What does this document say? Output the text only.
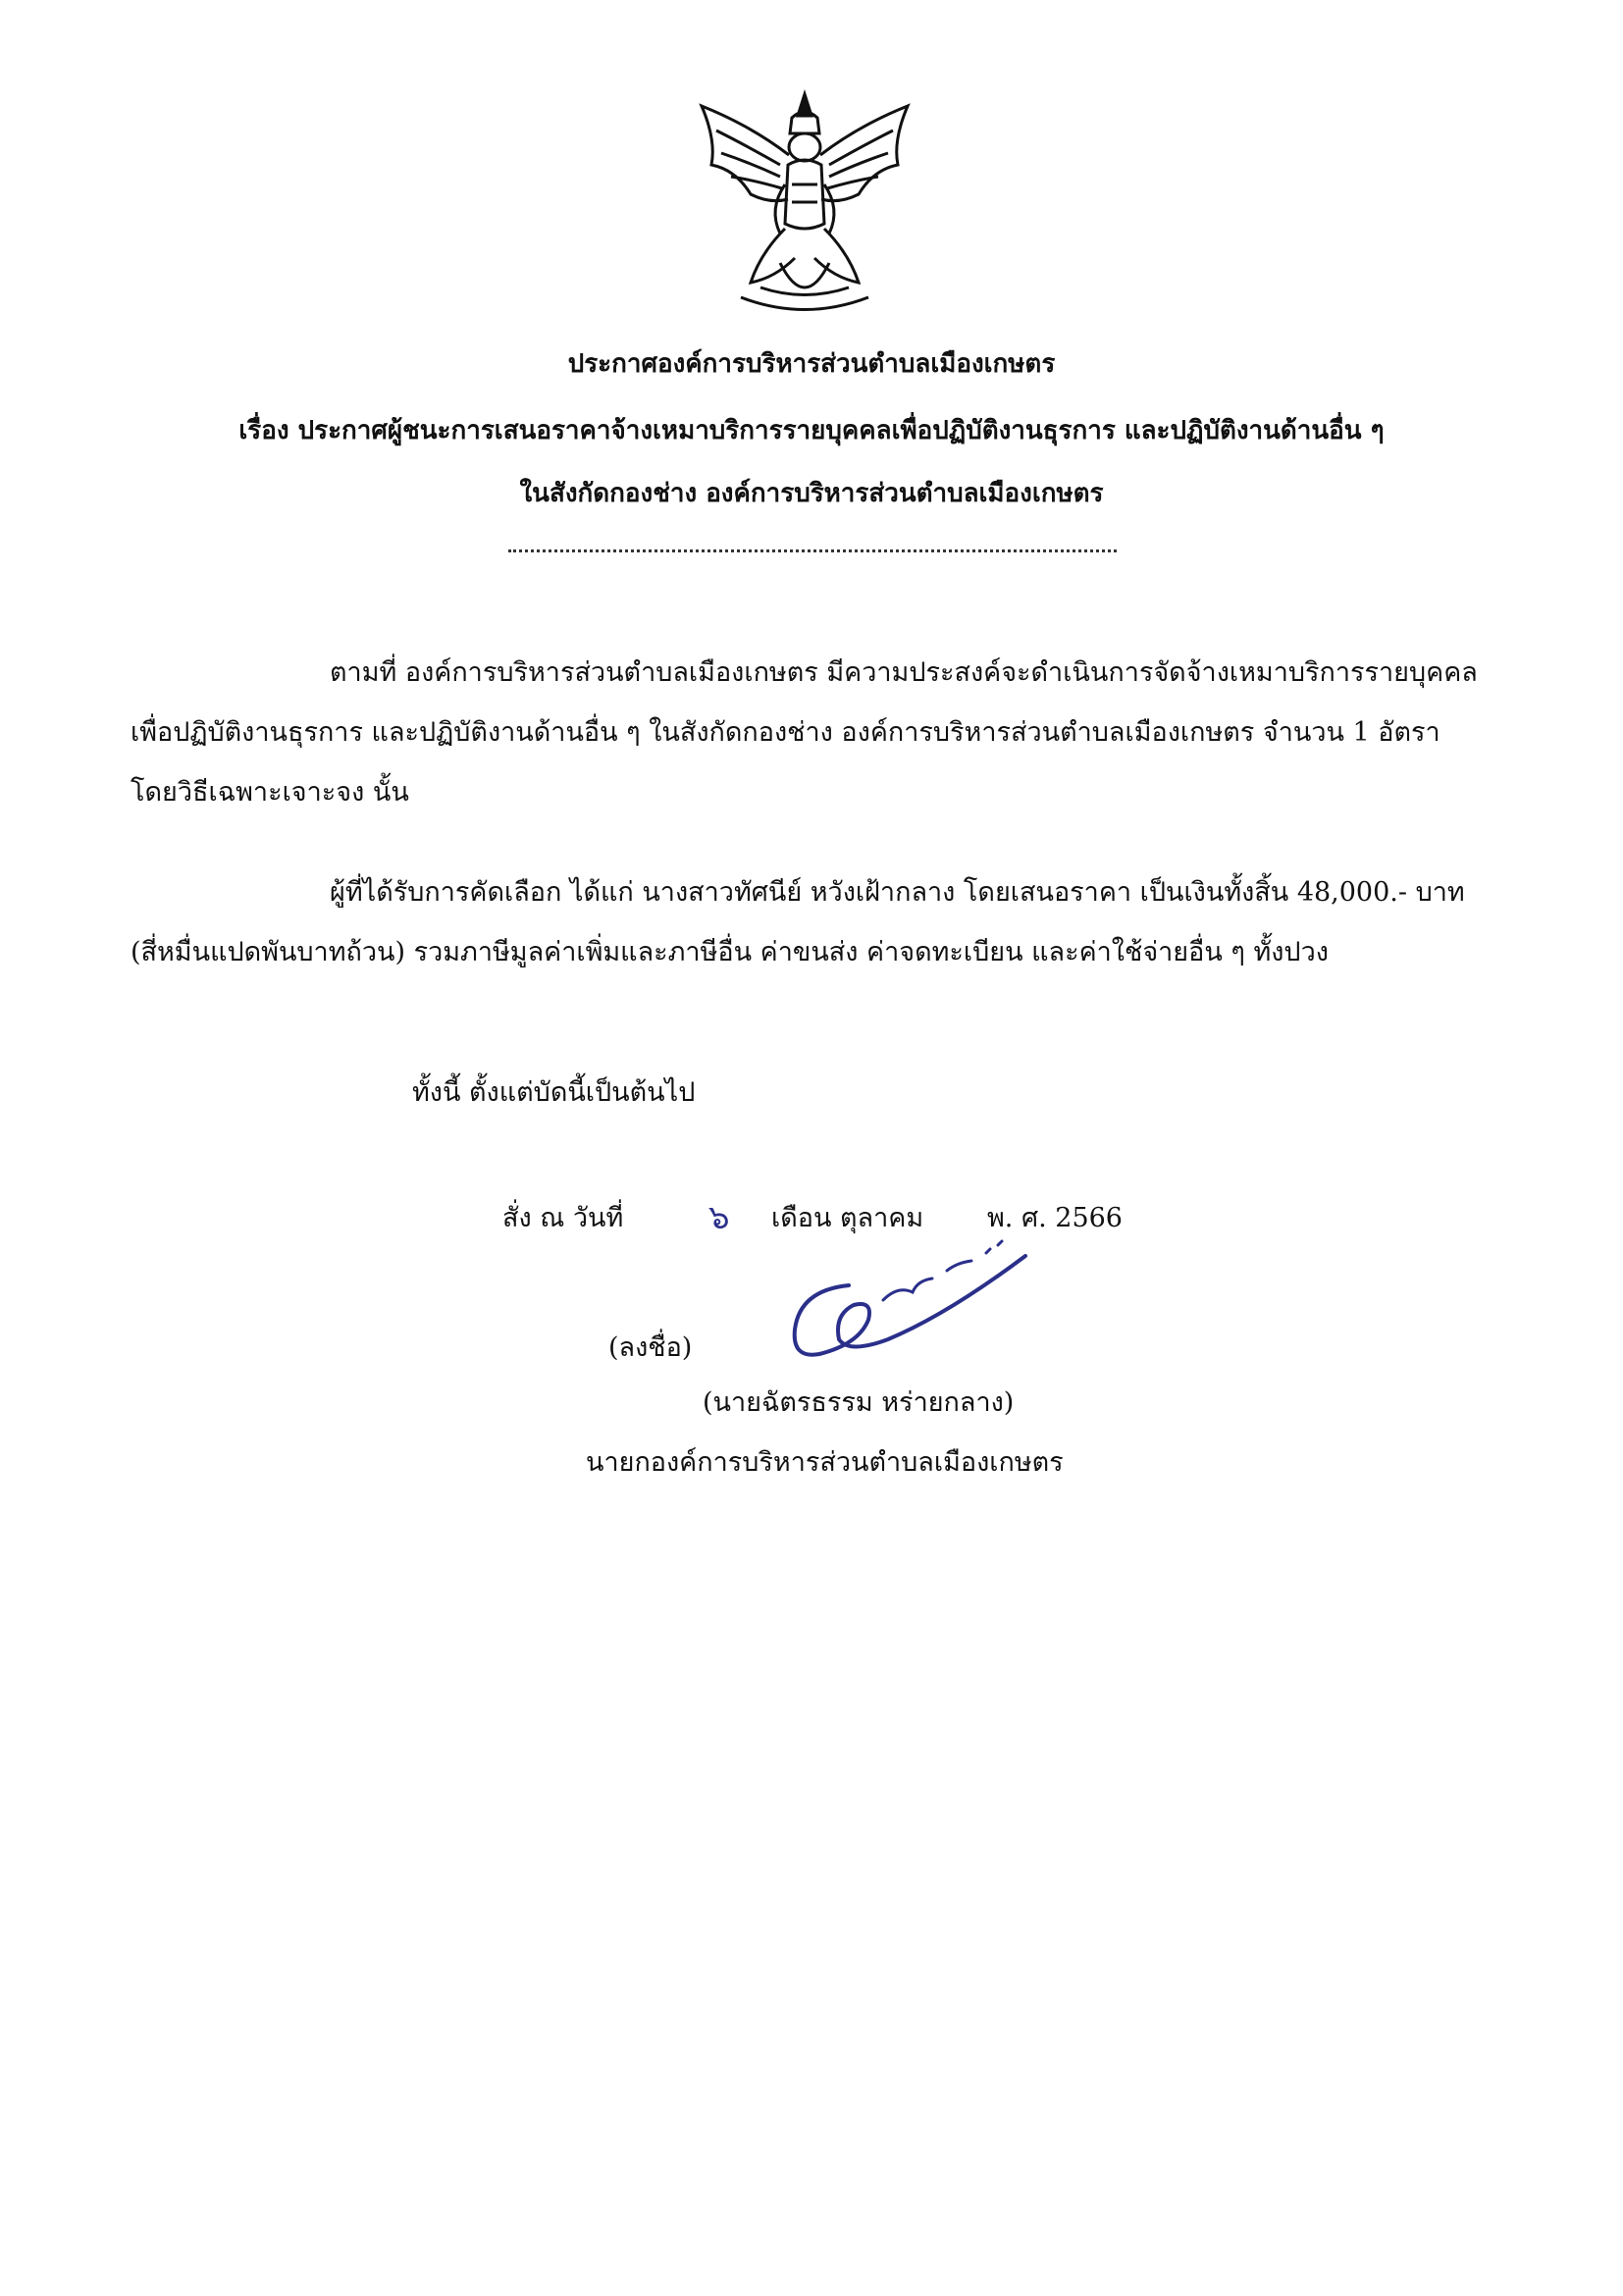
ประกาศองค์การบริหารส่วนตำบลเมืองเกษตร
เรื่อง ประกาศผู้ชนะการเสนอราคาจ้างเหมาบริการรายบุคคลเพื่อปฏิบัติงานธุรการ และปฏิบัติงานด้านอื่น ๆ
ในสังกัดกองช่าง องค์การบริหารส่วนตำบลเมืองเกษตร
ตามที่ องค์การบริหารส่วนตำบลเมืองเกษตร มีความประสงค์จะดำเนินการจัดจ้างเหมาบริการรายบุคคล
เพื่อปฏิบัติงานธุรการ และปฏิบัติงานด้านอื่น ๆ ในสังกัดกองช่าง องค์การบริหารส่วนตำบลเมืองเกษตร จำนวน 1 อัตรา
โดยวิธีเฉพาะเจาะจง นั้น
ผู้ที่ได้รับการคัดเลือก ได้แก่ นางสาวทัศนีย์ หวังเฝ้ากลาง โดยเสนอราคา เป็นเงินทั้งสิ้น 48,000.- บาท
(สี่หมื่นแปดพันบาทถ้วน) รวมภาษีมูลค่าเพิ่มและภาษีอื่น ค่าขนส่ง ค่าจดทะเบียน และค่าใช้จ่ายอื่น ๆ ทั้งปวง
ทั้งนี้ ตั้งแต่บัดนี้เป็นต้นไป
สั่ง ณ วันที่	๖ เดือน ตุลาคม พ. ศ. 2566
(ลงชื่อ)
(นายฉัตรธรรม หร่ายกลาง)
นายกองค์การบริหารส่วนตำบลเมืองเกษตร
